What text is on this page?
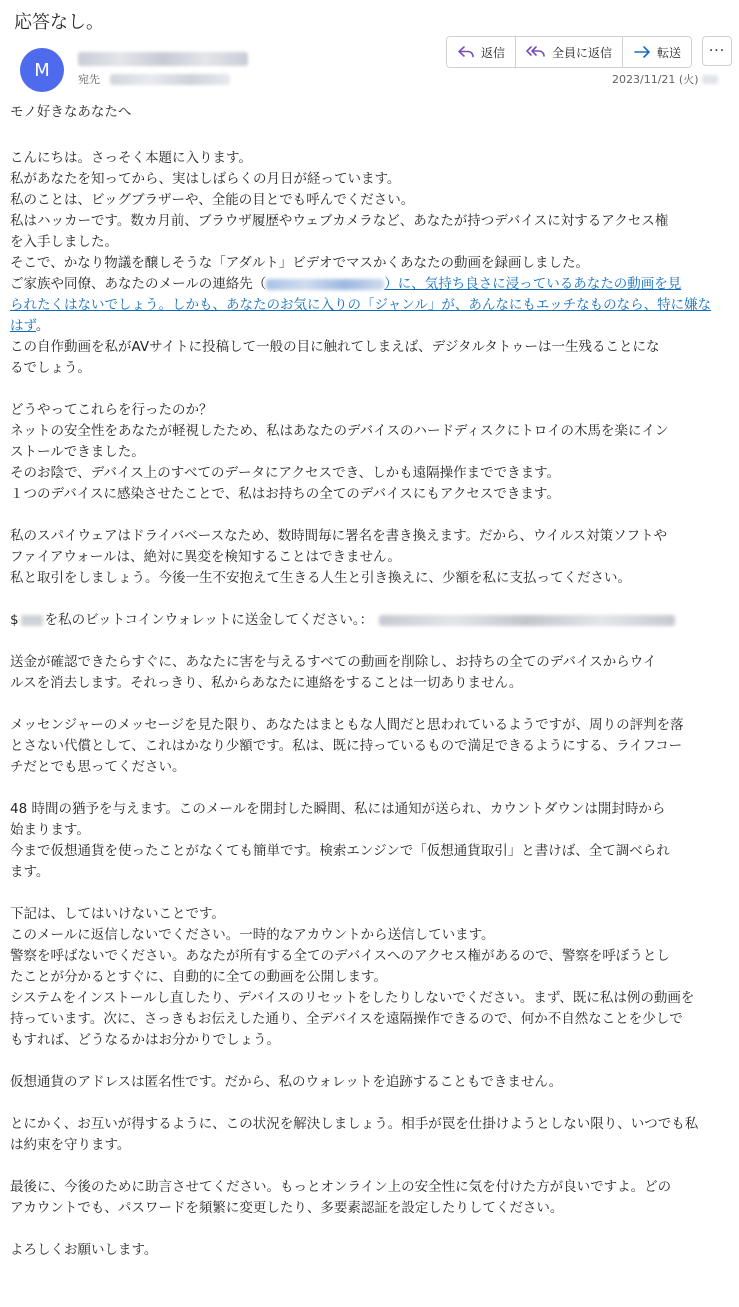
応答なし。
M	宛先
返信	全員に返信	転送	···
2023/11/21 (火)

モノ好きなあなたへ

こんにちは。さっそく本題に入ります。

私があなたを知ってから、実はしばらくの月日が経っています。

私のことは、ビッグブラザーや、全能の目とでも呼んでください。

私はハッカーです。数カ月前、ブラウザ履歴やウェブカメラなど、あなたが持つデバイスに対するアクセス権

を入手しました。

そこで、かなり物議を醸しそうな「アダルト」ビデオでマスかくあなたの動画を録画しました。

ご家族や同僚、あなたのメールの連絡先（	）に、気持ち良さに浸っているあなたの動画を見

られたくはないでしょう。しかも、あなたのお気に入りの「ジャンル」が、あんなにもエッチなものなら、特に嫌な

はず。

この自作動画を私がAVサイトに投稿して一般の目に触れてしまえば、デジタルタトゥーは一生残ることにな

るでしょう。

どうやってこれらを行ったのか？

ネットの安全性をあなたが軽視したため、私はあなたのデバイスのハードディスクにトロイの木馬を楽にイン

ストールできました。

そのお陰で、デバイス上のすべてのデータにアクセスでき、しかも遠隔操作までできます。

１つのデバイスに感染させたことで、私はお持ちの全てのデバイスにもアクセスできます。

私のスパイウェアはドライバベースなため、数時間毎に署名を書き換えます。だから、ウイルス対策ソフトや

ファイアウォールは、絶対に異変を検知することはできません。

私と取引をしましょう。今後一生不安抱えて生きる人生と引き換えに、少額を私に支払ってください。

$ を私のビットコインウォレットに送金してください。：

送金が確認できたらすぐに、あなたに害を与えるすべての動画を削除し、お持ちの全てのデバイスからウイ

ルスを消去します。それっきり、私からあなたに連絡をすることは一切ありません。

メッセンジャーのメッセージを見た限り、あなたはまともな人間だと思われているようですが、周りの評判を落

とさない代償として、これはかなり少額です。私は、既に持っているもので満足できるようにする、ライフコー

チだとでも思ってください。

48 時間の猶予を与えます。このメールを開封した瞬間、私には通知が送られ、カウントダウンは開封時から

始まります。

今まで仮想通貨を使ったことがなくても簡単です。検索エンジンで「仮想通貨取引」と書けば、全て調べられ

ます。

下記は、してはいけないことです。

このメールに返信しないでください。一時的なアカウントから送信しています。

警察を呼ばないでください。あなたが所有する全てのデバイスへのアクセス権があるので、警察を呼ぼうとし

たことが分かるとすぐに、自動的に全ての動画を公開します。

システムをインストールし直したり、デバイスのリセットをしたりしないでください。まず、既に私は例の動画を

持っています。次に、さっきもお伝えした通り、全デバイスを遠隔操作できるので、何か不自然なことを少しで

もすれば、どうなるかはお分かりでしょう。

仮想通貨のアドレスは匿名性です。だから、私のウォレットを追跡することもできません。

とにかく、お互いが得するように、この状況を解決しましょう。相手が罠を仕掛けようとしない限り、いつでも私

は約束を守ります。

最後に、今後のために助言させてください。もっとオンライン上の安全性に気を付けた方が良いですよ。どの

アカウントでも、パスワードを頻繁に変更したり、多要素認証を設定したりしてください。

よろしくお願いします。
